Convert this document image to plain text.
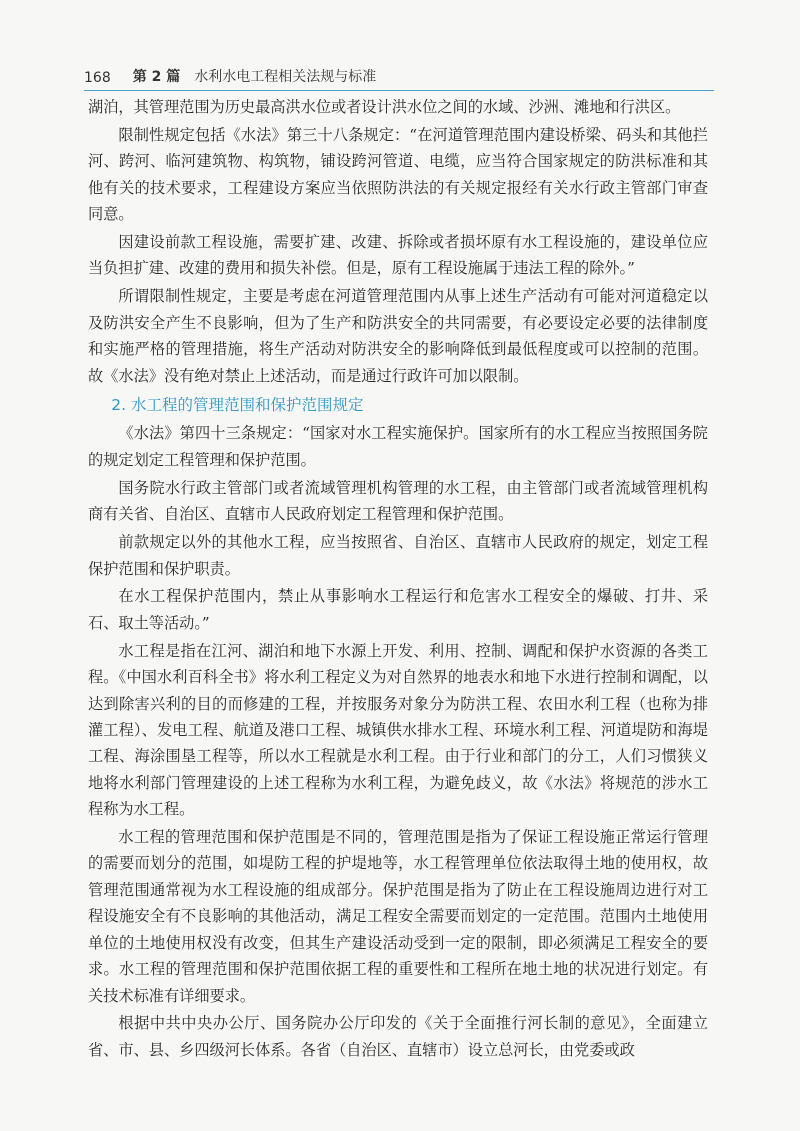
168 第 2 篇 水利水电工程相关法规与标准

湖泊，其管理范围为历史最高洪水位或者设计洪水位之间的水域、沙洲、滩地和行洪区。

限制性规定包括《水法》第三十八条规定：“在河道管理范围内建设桥梁、码头和其他拦河、跨河、临河建筑物、构筑物，铺设跨河管道、电缆，应当符合国家规定的防洪标准和其他有关的技术要求，工程建设方案应当依照防洪法的有关规定报经有关水行政主管部门审查同意。

因建设前款工程设施，需要扩建、改建、拆除或者损坏原有水工程设施的，建设单位应当负担扩建、改建的费用和损失补偿。但是，原有工程设施属于违法工程的除外。”

所谓限制性规定，主要是考虑在河道管理范围内从事上述生产活动有可能对河道稳定以及防洪安全产生不良影响，但为了生产和防洪安全的共同需要，有必要设定必要的法律制度和实施严格的管理措施，将生产活动对防洪安全的影响降低到最低程度或可以控制的范围。故《水法》没有绝对禁止上述活动，而是通过行政许可加以限制。

2. 水工程的管理范围和保护范围规定

《水法》第四十三条规定：“国家对水工程实施保护。国家所有的水工程应当按照国务院的规定划定工程管理和保护范围。

国务院水行政主管部门或者流域管理机构管理的水工程，由主管部门或者流域管理机构商有关省、自治区、直辖市人民政府划定工程管理和保护范围。

前款规定以外的其他水工程，应当按照省、自治区、直辖市人民政府的规定，划定工程保护范围和保护职责。

在水工程保护范围内，禁止从事影响水工程运行和危害水工程安全的爆破、打井、采石、取土等活动。”

水工程是指在江河、湖泊和地下水源上开发、利用、控制、调配和保护水资源的各类工程。《中国水利百科全书》将水利工程定义为对自然界的地表水和地下水进行控制和调配，以达到除害兴利的目的而修建的工程，并按服务对象分为防洪工程、农田水利工程（也称为排灌工程）、发电工程、航道及港口工程、城镇供水排水工程、环境水利工程、河道堤防和海堤工程、海涂围垦工程等，所以水工程就是水利工程。由于行业和部门的分工，人们习惯狭义地将水利部门管理建设的上述工程称为水利工程，为避免歧义，故《水法》将规范的涉水工程称为水工程。

水工程的管理范围和保护范围是不同的，管理范围是指为了保证工程设施正常运行管理的需要而划分的范围，如堤防工程的护堤地等，水工程管理单位依法取得土地的使用权，故管理范围通常视为水工程设施的组成部分。保护范围是指为了防止在工程设施周边进行对工程设施安全有不良影响的其他活动，满足工程安全需要而划定的一定范围。范围内土地使用单位的土地使用权没有改变，但其生产建设活动受到一定的限制，即必须满足工程安全的要求。水工程的管理范围和保护范围依据工程的重要性和工程所在地土地的状况进行划定。有关技术标准有详细要求。

根据中共中央办公厅、国务院办公厅印发的《关于全面推行河长制的意见》，全面建立省、市、县、乡四级河长体系。各省（自治区、直辖市）设立总河长，由党委或政
